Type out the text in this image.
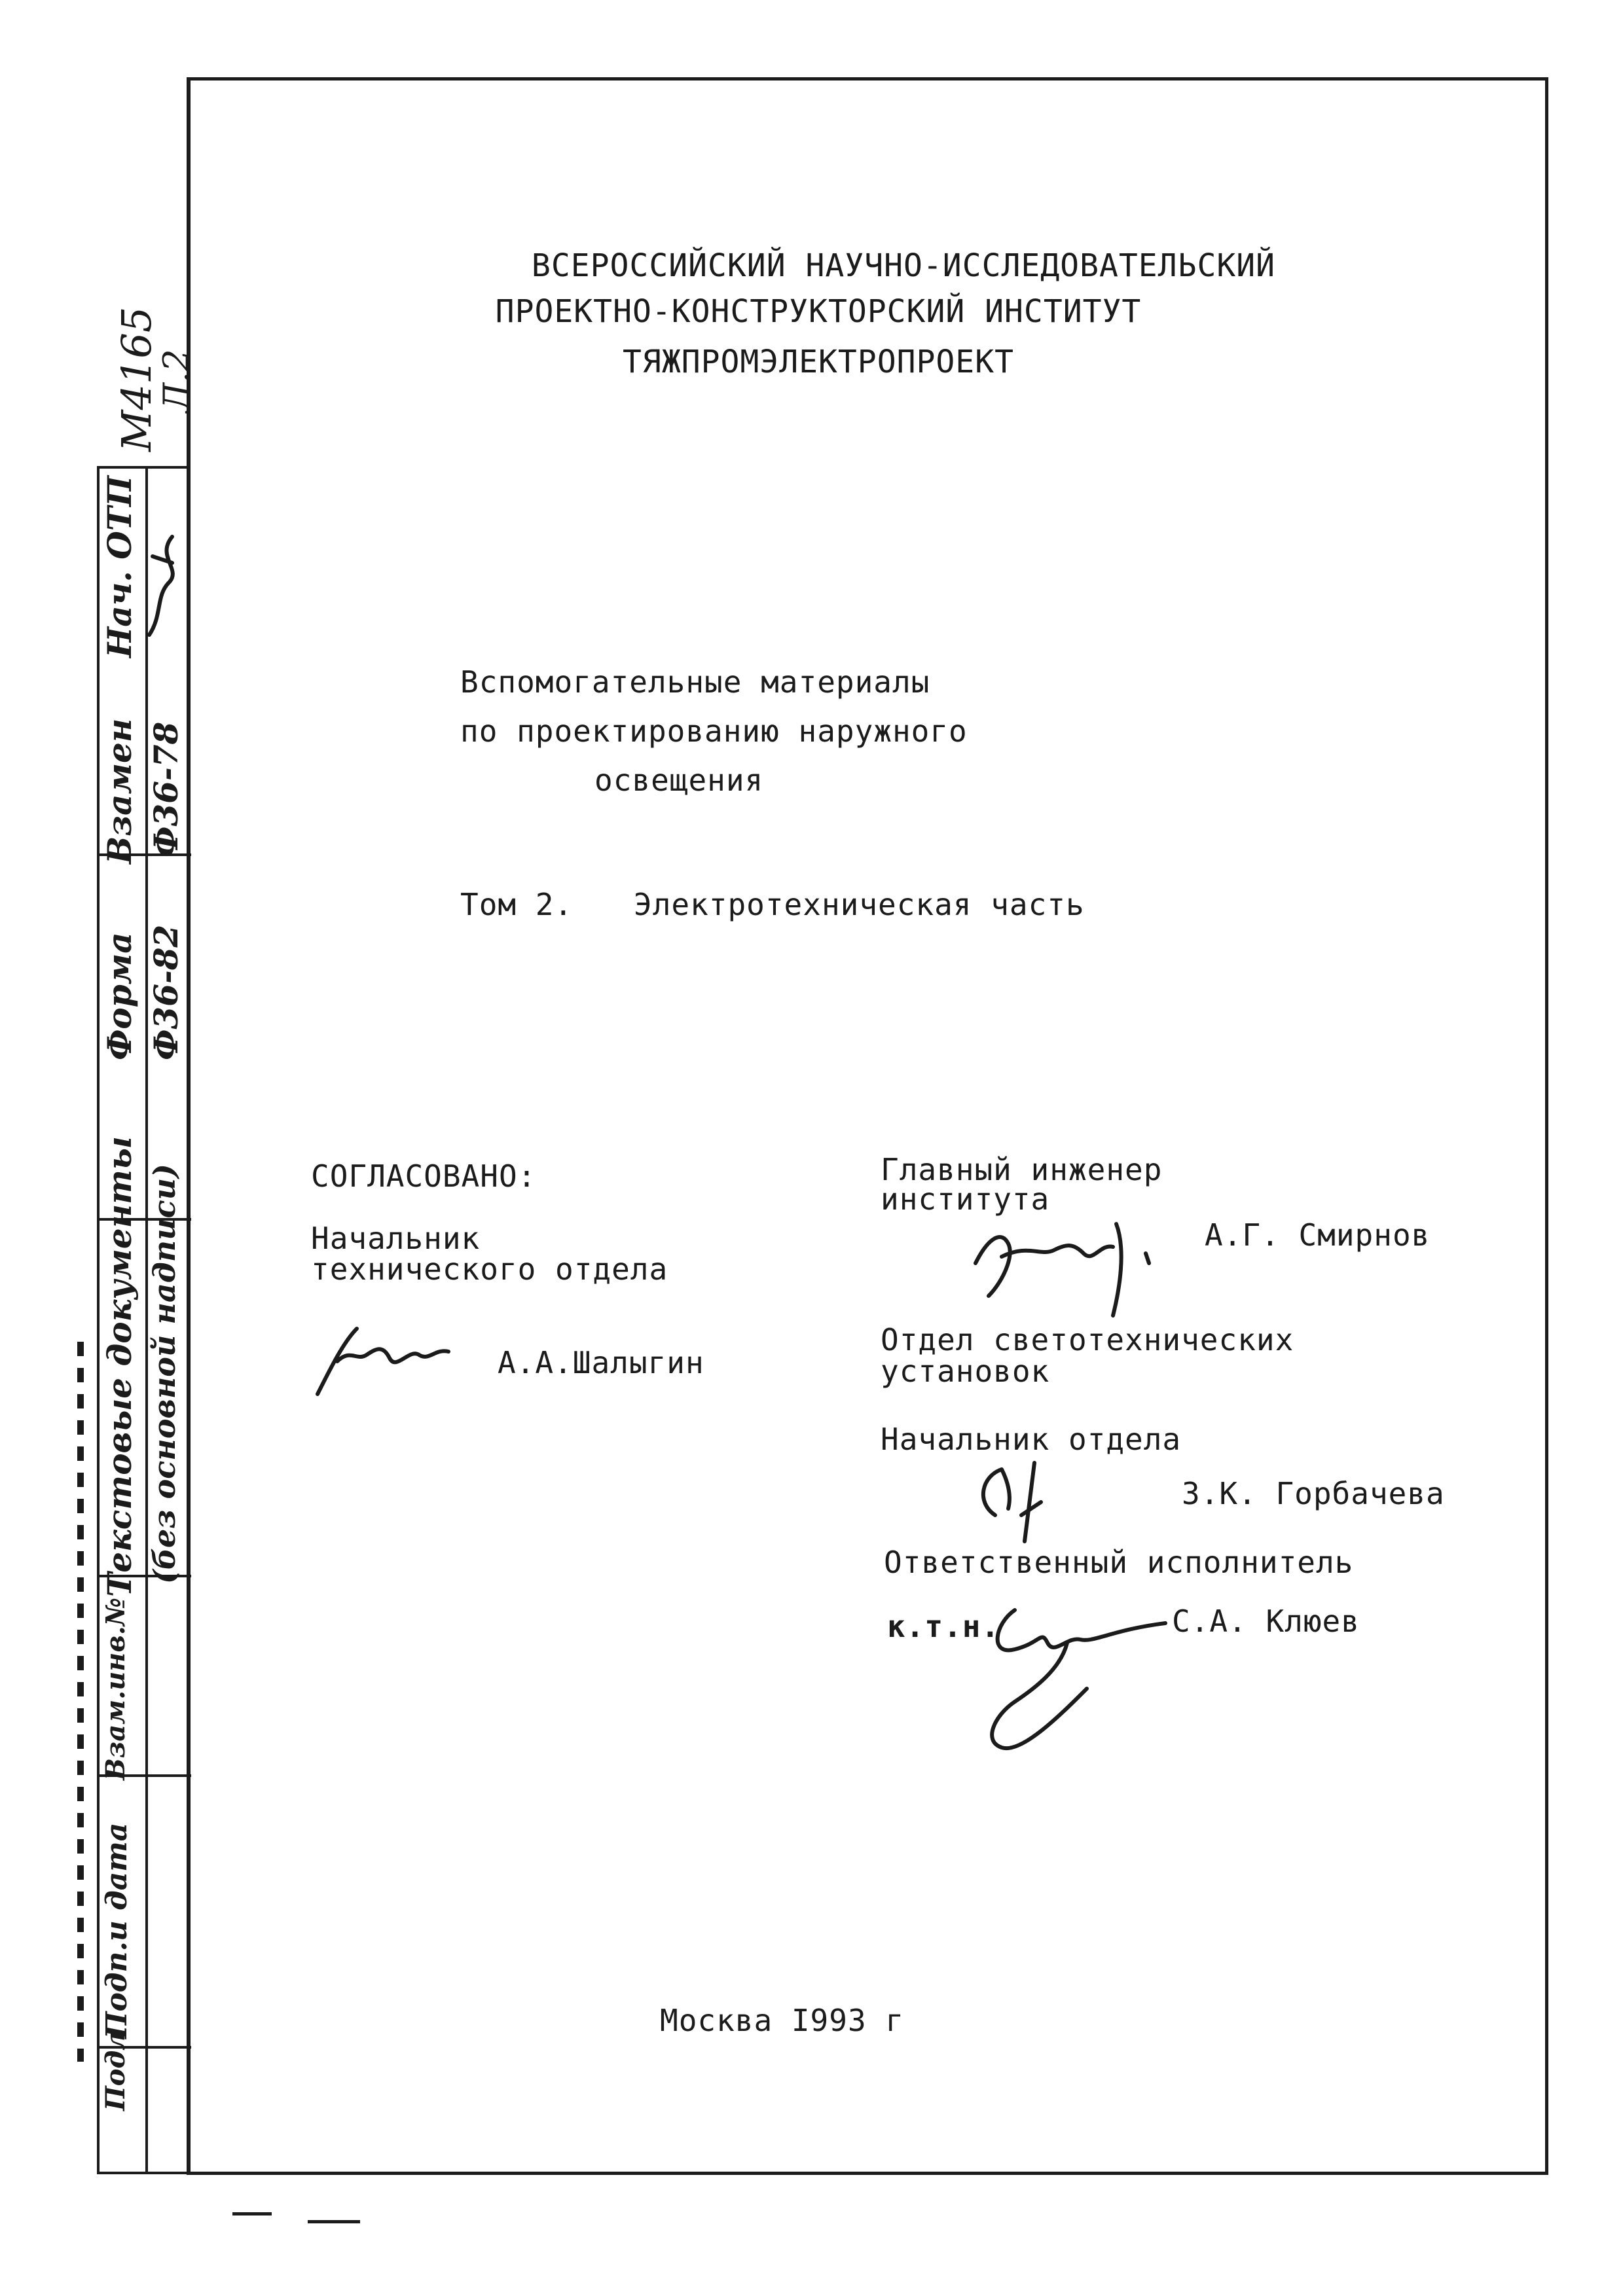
Нач. ОТП
Взамен Ф36-78
Форма Ф36-82
Текстовые документы (без основной надписи)
Взам.инв.№
Подп.и дата
Подл
М4165
Л.2
ВСЕРОССИЙСКИЙ НАУЧНО-ИССЛЕДОВАТЕЛЬСКИЙ
ПРОЕКТНО-КОНСТРУКТОРСКИЙ ИНСТИТУТ
ТЯЖПРОМЭЛЕКТРОПРОЕКТ
Вспомогательные материалы
по проектированию наружного
освещения
Том 2. Электротехническая часть
СОГЛАСОВАНО:
Начальник
технического отдела
А.А.Шалыгин
Главный инженер
института
А.Г. Смирнов
Отдел светотехнических
установок
Начальник отдела
З.К. Горбачева
Ответственный исполнитель
к.т.н.	С.А. Клюев
Москва I993 г
